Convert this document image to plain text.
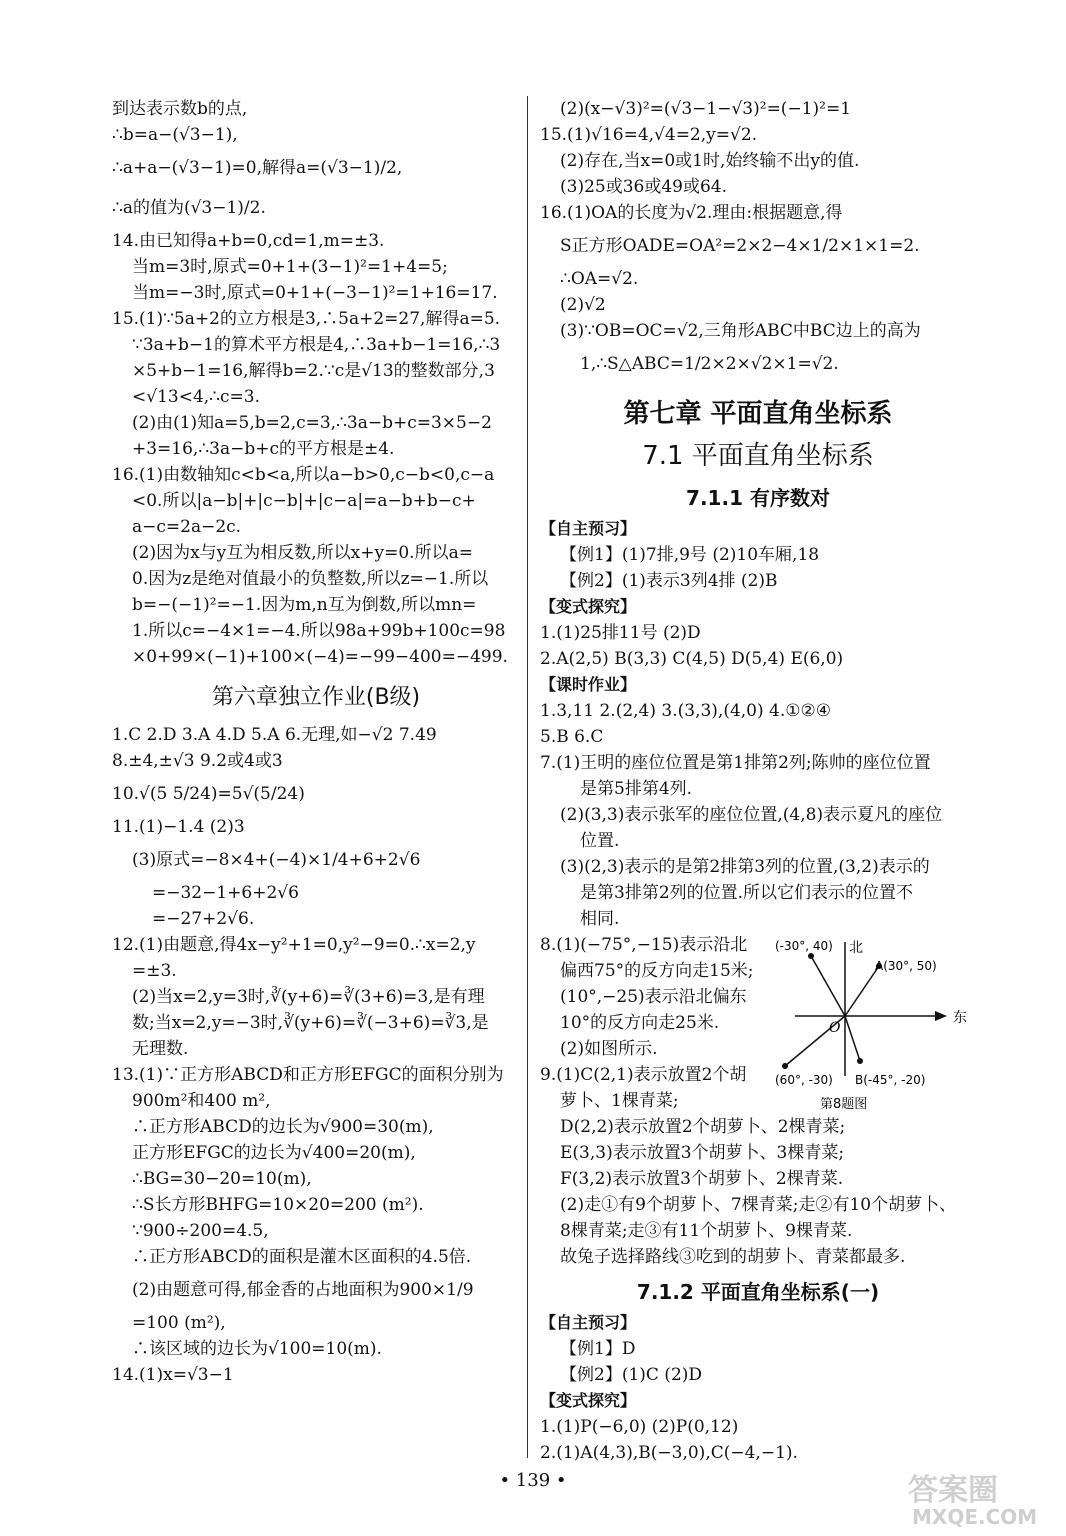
到达表示数b的点,
∴b=a−(√3−1),
∴a+a−(√3−1)=0,解得a=(√3−1)/2,
∴a的值为(√3−1)/2.
14.由已知得a+b=0,cd=1,m=±3.
当m=3时,原式=0+1+(3−1)²=1+4=5;
当m=−3时,原式=0+1+(−3−1)²=1+16=17.
15.(1)∵5a+2的立方根是3,∴5a+2=27,解得a=5.
∵3a+b−1的算术平方根是4,∴3a+b−1=16,∴3
×5+b−1=16,解得b=2.∵c是√13的整数部分,3
<√13<4,∴c=3.
(2)由(1)知a=5,b=2,c=3,∴3a−b+c=3×5−2
+3=16,∴3a−b+c的平方根是±4.
16.(1)由数轴知c<b<a,所以a−b>0,c−b<0,c−a
<0.所以|a−b|+|c−b|+|c−a|=a−b+b−c+
a−c=2a−2c.
(2)因为x与y互为相反数,所以x+y=0.所以a=
0.因为z是绝对值最小的负整数,所以z=−1.所以
b=−(−1)²=−1.因为m,n互为倒数,所以mn=
1.所以c=−4×1=−4.所以98a+99b+100c=98
×0+99×(−1)+100×(−4)=−99−400=−499.
第六章独立作业(B级)
1.C 2.D 3.A 4.D 5.A 6.无理,如−√2 7.49
8.±4,±√3 9.2或4或3
10.√(5 5/24)=5√(5/24)
11.(1)−1.4 (2)3
(3)原式=−8×4+(−4)×1/4+6+2√6
=−32−1+6+2√6
=−27+2√6.
12.(1)由题意,得4x−y²+1=0,y²−9=0.∴x=2,y
=±3.
(2)当x=2,y=3时,∛(y+6)=∛(3+6)=3,是有理
数;当x=2,y=−3时,∛(y+6)=∛(−3+6)=∛3,是
无理数.
13.(1)∵正方形ABCD和正方形EFGC的面积分别为
900m²和400 m²,
∴正方形ABCD的边长为√900=30(m),
正方形EFGC的边长为√400=20(m),
∴BG=30−20=10(m),
∴S长方形BHFG=10×20=200 (m²).
∵900÷200=4.5,
∴正方形ABCD的面积是灌木区面积的4.5倍.
(2)由题意可得,郁金香的占地面积为900×1/9
=100 (m²),
∴该区域的边长为√100=10(m).
14.(1)x=√3−1
(2)(x−√3)²=(√3−1−√3)²=(−1)²=1
15.(1)√16=4,√4=2,y=√2.
(2)存在,当x=0或1时,始终输不出y的值.
(3)25或36或49或64.
16.(1)OA的长度为√2.理由:根据题意,得
S正方形OADE=OA²=2×2−4×1/2×1×1=2.
∴OA=√2.
(2)√2
(3)∵OB=OC=√2,三角形ABC中BC边上的高为
1,∴S△ABC=1/2×2×√2×1=√2.
第七章 平面直角坐标系
7.1 平面直角坐标系
7.1.1 有序数对
【自主预习】
【例1】(1)7排,9号 (2)10车厢,18
【例2】(1)表示3列4排 (2)B
【变式探究】
1.(1)25排11号 (2)D
2.A(2,5) B(3,3) C(4,5) D(5,4) E(6,0)
【课时作业】
1.3,11 2.(2,4) 3.(3,3),(4,0) 4.①②④
5.B 6.C
7.(1)王明的座位位置是第1排第2列;陈帅的座位位置
是第5排第4列.
(2)(3,3)表示张军的座位位置,(4,8)表示夏凡的座位
位置.
(3)(2,3)表示的是第2排第3列的位置,(3,2)表示的
是第3排第2列的位置.所以它们表示的位置不
相同.
8.(1)(−75°,−15)表示沿北
偏西75°的反方向走15米;
(10°,−25)表示沿北偏东
10°的反方向走25米.
(2)如图所示.
9.(1)C(2,1)表示放置2个胡
萝卜、1棵青菜;
D(2,2)表示放置2个胡萝卜、2棵青菜;
E(3,3)表示放置3个胡萝卜、3棵青菜;
F(3,2)表示放置3个胡萝卜、2棵青菜.
(2)走①有9个胡萝卜、7棵青菜;走②有10个胡萝卜、
8棵青菜;走③有11个胡萝卜、9棵青菜.
故兔子选择路线③吃到的胡萝卜、青菜都最多.
7.1.2 平面直角坐标系(一)
【自主预习】
【例1】D
【例2】(1)C (2)D
【变式探究】
1.(1)P(−6,0) (2)P(0,12)
2.(1)A(4,3),B(−3,0),C(−4,−1).
北
东
O
(-30°, 40)
A(30°, 50)
(60°, -30) B(-45°, -20)
第8题图
• 139 •	答案圈
MXQE.COM
